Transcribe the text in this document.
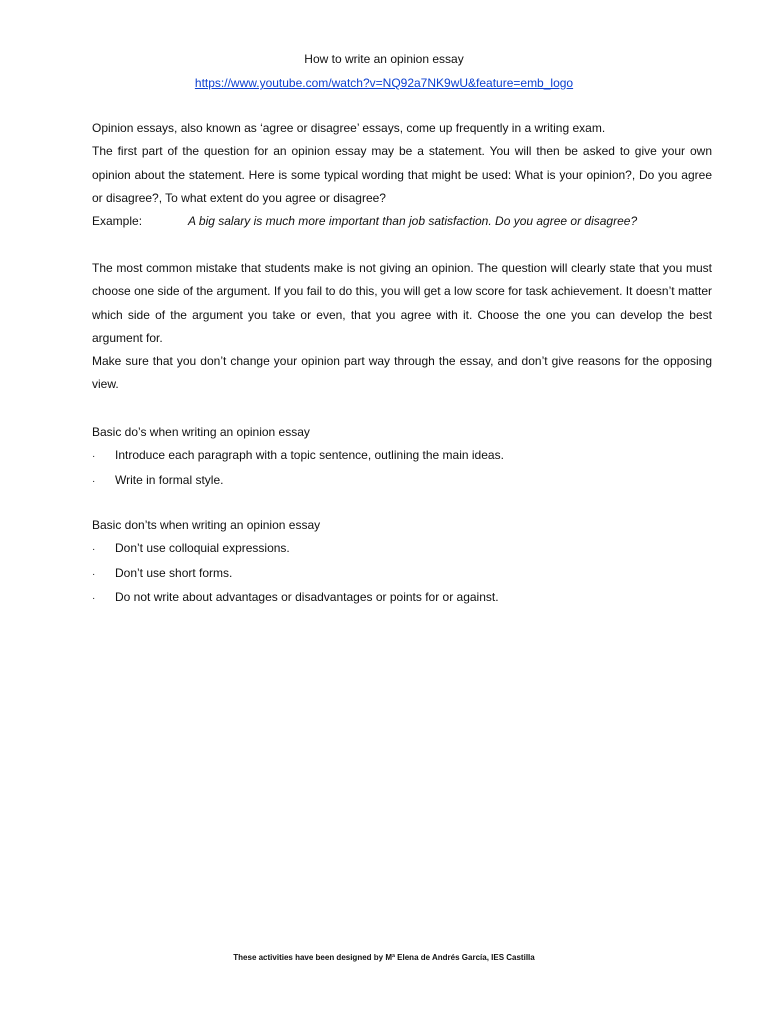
How to write an opinion essay
https://www.youtube.com/watch?v=NQ92a7NK9wU&feature=emb_logo

Opinion essays, also known as ‘agree or disagree’ essays, come up frequently in a writing exam.

The first part of the question for an opinion essay may be a statement. You will then be asked to give your own opinion about the statement. Here is some typical wording that might be used: What is your opinion?, Do you agree or disagree?, To what extent do you agree or disagree?

Example:	A big salary is much more important than job satisfaction. Do you agree or disagree?

The most common mistake that students make is not giving an opinion. The question will clearly state that you must choose one side of the argument. If you fail to do this, you will get a low score for task achievement. It doesn’t matter which side of the argument you take or even, that you agree with it. Choose the one you can develop the best argument for.

Make sure that you don’t change your opinion part way through the essay, and don’t give reasons for the opposing view.

Basic do’s when writing an opinion essay

·	Introduce each paragraph with a topic sentence, outlining the main ideas.
·	Write in formal style.

Basic don’ts when writing an opinion essay

·	Don’t use colloquial expressions.
·	Don’t use short forms.
·	Do not write about advantages or disadvantages or points for or against.
These activities have been designed by Mª Elena de Andrés García, IES Castilla
